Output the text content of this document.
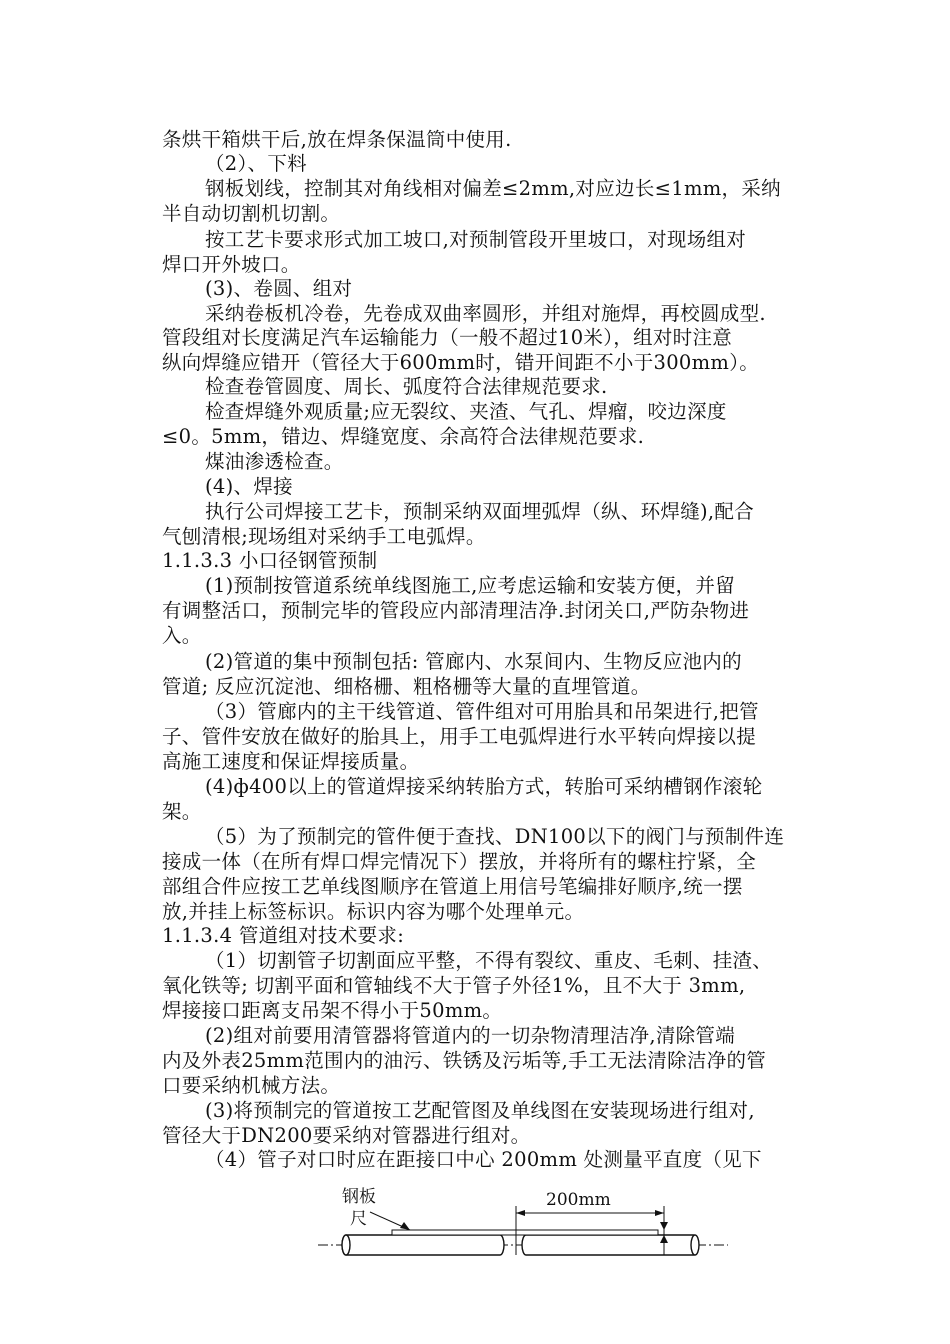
条烘干箱烘干后,放在焊条保温筒中使用.
（2）、下料
钢板划线，控制其对角线相对偏差≤2mm,对应边长≤1mm，采纳
半自动切割机切割。
按工艺卡要求形式加工坡口,对预制管段开里坡口，对现场组对
焊口开外坡口。
(3)、卷圆、组对
采纳卷板机冷卷，先卷成双曲率圆形，并组对施焊，再校圆成型.
管段组对长度满足汽车运输能力（一般不超过10米），组对时注意
纵向焊缝应错开（管径大于600mm时，错开间距不小于300mm）。
检查卷管圆度、周长、弧度符合法律规范要求.
检查焊缝外观质量;应无裂纹、夹渣、气孔、焊瘤，咬边深度
≤0。5mm，错边、焊缝宽度、余高符合法律规范要求.
煤油渗透检查。
(4)、焊接
执行公司焊接工艺卡，预制采纳双面埋弧焊（纵、环焊缝),配合
气刨清根;现场组对采纳手工电弧焊。
1.1.3.3 小口径钢管预制
(1)预制按管道系统单线图施工,应考虑运输和安装方便，并留
有调整活口，预制完毕的管段应内部清理洁净.封闭关口,严防杂物进
入。
(2)管道的集中预制包括: 管廊内、水泵间内、生物反应池内的
管道; 反应沉淀池、细格栅、粗格栅等大量的直埋管道。
（3）管廊内的主干线管道、管件组对可用胎具和吊架进行,把管
子、管件安放在做好的胎具上，用手工电弧焊进行水平转向焊接以提
高施工速度和保证焊接质量。
(4)ф400以上的管道焊接采纳转胎方式，转胎可采纳槽钢作滚轮
架。
（5）为了预制完的管件便于查找、DN100以下的阀门与预制件连
接成一体（在所有焊口焊完情况下）摆放，并将所有的螺柱拧紧，全
部组合件应按工艺单线图顺序在管道上用信号笔编排好顺序,统一摆
放,并挂上标签标识。标识内容为哪个处理单元。
1.1.3.4 管道组对技术要求:
（1）切割管子切割面应平整，不得有裂纹、重皮、毛刺、挂渣、
氧化铁等; 切割平面和管轴线不大于管子外径1%，且不大于 3mm,
焊接接口距离支吊架不得小于50mm。
(2)组对前要用清管器将管道内的一切杂物清理洁净,清除管端
内及外表25mm范围内的油污、铁锈及污垢等,手工无法清除洁净的管
口要采纳机械方法。
(3)将预制完的管道按工艺配管图及单线图在安装现场进行组对,
管径大于DN200要采纳对管器进行组对。
（4）管子对口时应在距接口中心 200mm 处测量平直度（见下
钢板
尺
200mm
